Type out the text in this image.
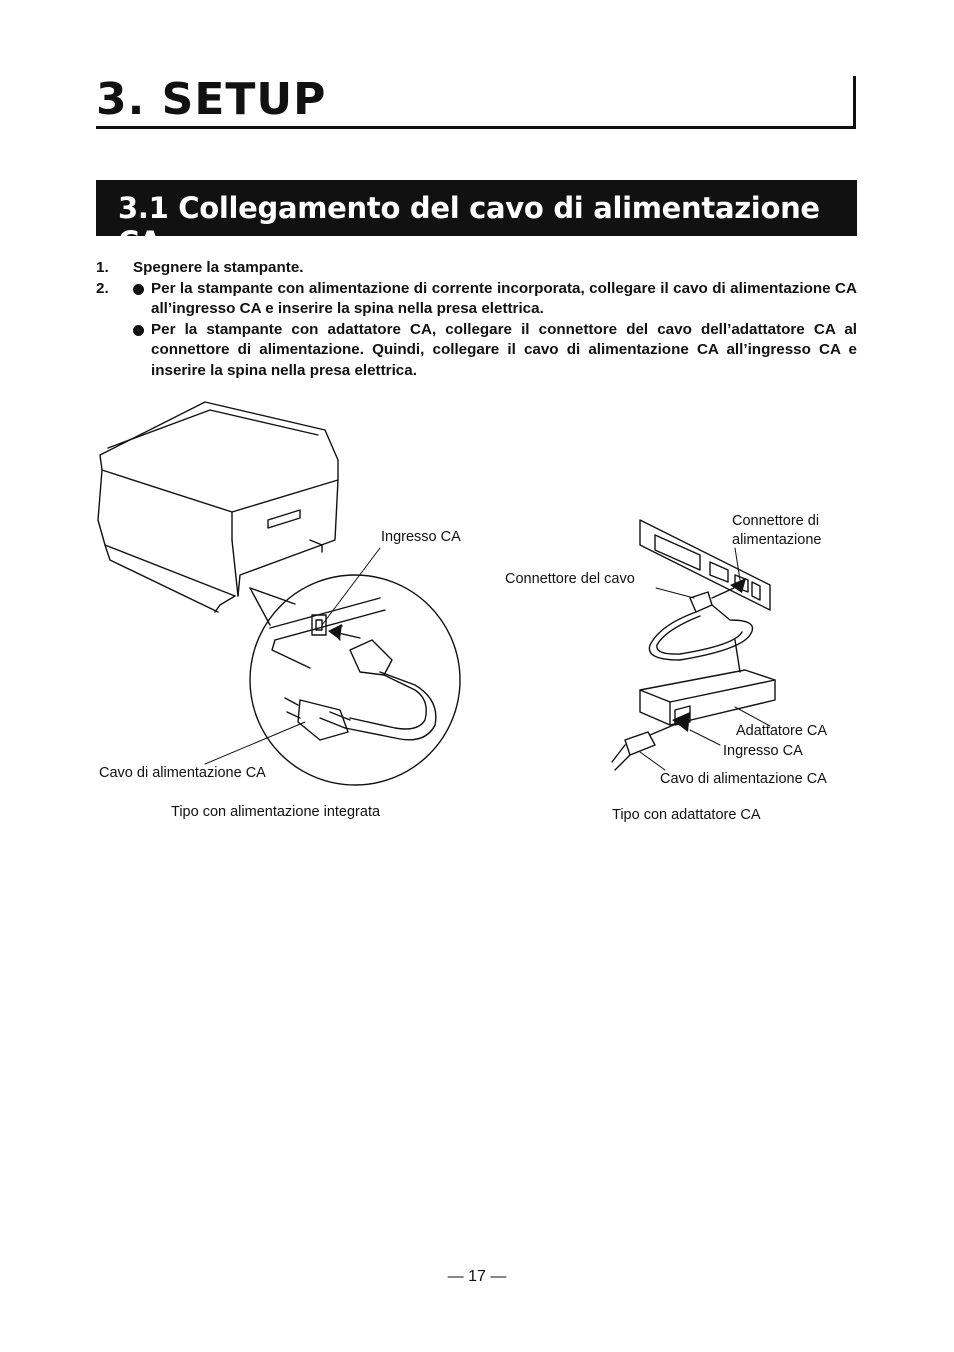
3. SETUP
3.1 Collegamento del cavo di alimentazione CA
1. Spegnere la stampante.
2.	Per la stampante con alimentazione di corrente incorporata, collegare il cavo di alimentazione CA all’ingresso CA e inserire la spina nella presa elettrica.
Per la stampante con adattatore CA, collegare il connettore del cavo dell’adattatore CA al connettore di alimentazione. Quindi, collegare il cavo di alimentazione CA all’ingresso CA e inserire la spina nella presa elettrica.
Ingresso CA
Cavo di alimentazione CA
Tipo con alimentazione integrata
Connettore di
alimentazione
Connettore del cavo
Adattatore CA
Ingresso CA
Cavo di alimentazione CA
Tipo con adattatore CA
— 17 —
